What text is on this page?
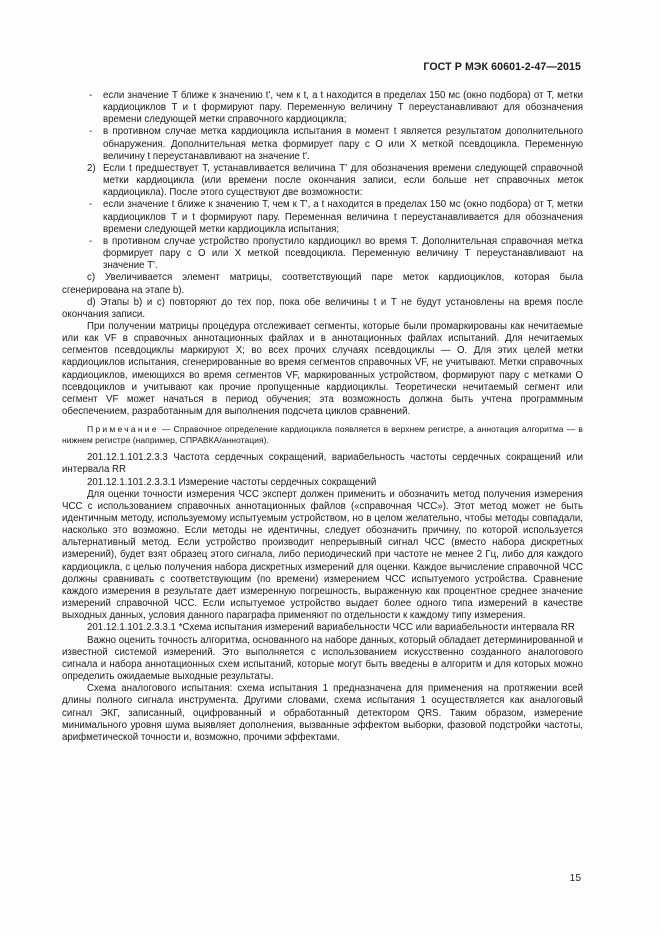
ГОСТ Р МЭК 60601-2-47—2015
-	если значение T ближе к значению t', чем к t, а t находится в пределах 150 мс (окно подбора) от T, метки кардиоциклов T и t формируют пару. Переменную величину T переустанавливают для обозначения времени следующей метки справочного кардиоцикла;
-	в противном случае метка кардиоцикла испытания в момент t является результатом дополнительного обнаружения. Дополнительная метка формирует пару с O или X меткой псевдоцикла. Переменную величину t переустанавливают на значение t'.
2) Если t предшествует T, устанавливается величина T' для обозначения времени следующей справочной метки кардиоцикла (или времени после окончания записи, если больше нет справочных меток кардиоцикла). После этого существуют две возможности:
-	если значение t ближе к значению T, чем к T', а t находится в пределах 150 мс (окно подбора) от T, метки кардиоциклов T и t формируют пару. Переменная величина t переустанавливается для обозначения времени следующей метки кардиоцикла испытания;
-	в противном случае устройство пропустило кардиоцикл во время T. Дополнительная справочная метка формирует пару с O или X меткой псевдоцикла. Переменную величину T переустанавливают на значение T'.

c) Увеличивается элемент матрицы, соответствующий паре меток кардиоциклов, которая была сгенерирована на этапе b).

d) Этапы b) и c) повторяют до тех пор, пока обе величины t и T не будут установлены на время после окончания записи.

При получении матрицы процедура отслеживает сегменты, которые были промаркированы как нечитаемые или как VF в справочных аннотационных файлах и в аннотационных файлах испытаний. Для нечитаемых сегментов псевдоциклы маркируют X; во всех прочих случаях псевдоциклы — O. Для этих целей метки кардиоциклов испытания, сгенерированные во время сегментов справочных VF, не учитывают. Метки справочных кардиоциклов, имеющихся во время сегментов VF, маркированных устройством, формируют пару с метками O псевдоциклов и учитывают как прочие пропущенные кардиоциклы. Теоретически нечитаемый сегмент или сегмент VF может начаться в период обучения; эта возможность должна быть учтена программным обеспечением, разработанным для выполнения подсчета циклов сравнений.

Примечание — Справочное определение кардиоцикла появляется в верхнем регистре, а аннотация алгоритма — в нижнем регистре (например, СПРАВКА/аннотация).

201.12.1.101.2.3.3 Частота сердечных сокращений, вариабельность частоты сердечных сокращений или интервала RR

201.12.1.101.2.3.3.1 Измерение частоты сердечных сокращений

Для оценки точности измерения ЧСС эксперт должен применить и обозначить метод получения измерения ЧСС с использованием справочных аннотационных файлов («справочная ЧСС»). Этот метод может не быть идентичным методу, используемому испытуемым устройством, но в целом желательно, чтобы методы совпадали, насколько это возможно. Если методы не идентичны, следует обозначить причину, по которой используется альтернативный метод. Если устройство производит непрерывный сигнал ЧСС (вместо набора дискретных измерений), будет взят образец этого сигнала, либо периодический при частоте не менее 2 Гц, либо для каждого кардиоцикла, с целью получения набора дискретных измерений для оценки. Каждое вычисление справочной ЧСС должны сравнивать с соответствующим (по времени) измерением ЧСС испытуемого устройства. Сравнение каждого измерения в результате дает измеренную погрешность, выраженную как процентное среднее значение измерений справочной ЧСС. Если испытуемое устройство выдает более одного типа измерений в качестве выходных данных, условия данного параграфа применяют по отдельности к каждому типу измерения.

201.12.1.101.2.3.3.1 *Схема испытания измерений вариабельности ЧСС или вариабельности интервала RR

Важно оценить точность алгоритма, основанного на наборе данных, который обладает детерминированной и известной системой измерений. Это выполняется с использованием искусственно созданного аналогового сигнала и набора аннотационных схем испытаний, которые могут быть введены в алгоритм и для которых можно определить ожидаемые выходные результаты.

Схема аналогового испытания: схема испытания 1 предназначена для применения на протяжении всей длины полного сигнала инструмента. Другими словами, схема испытания 1 осуществляется как аналоговый сигнал ЭКГ, записанный, оцифрованный и обработанный детектором QRS. Таким образом, измерение минимального уровня шума выявляет дополнения, вызванные эффектом выборки, фазовой подстройки частоты, арифметической точности и, возможно, прочими эффектами.

15
